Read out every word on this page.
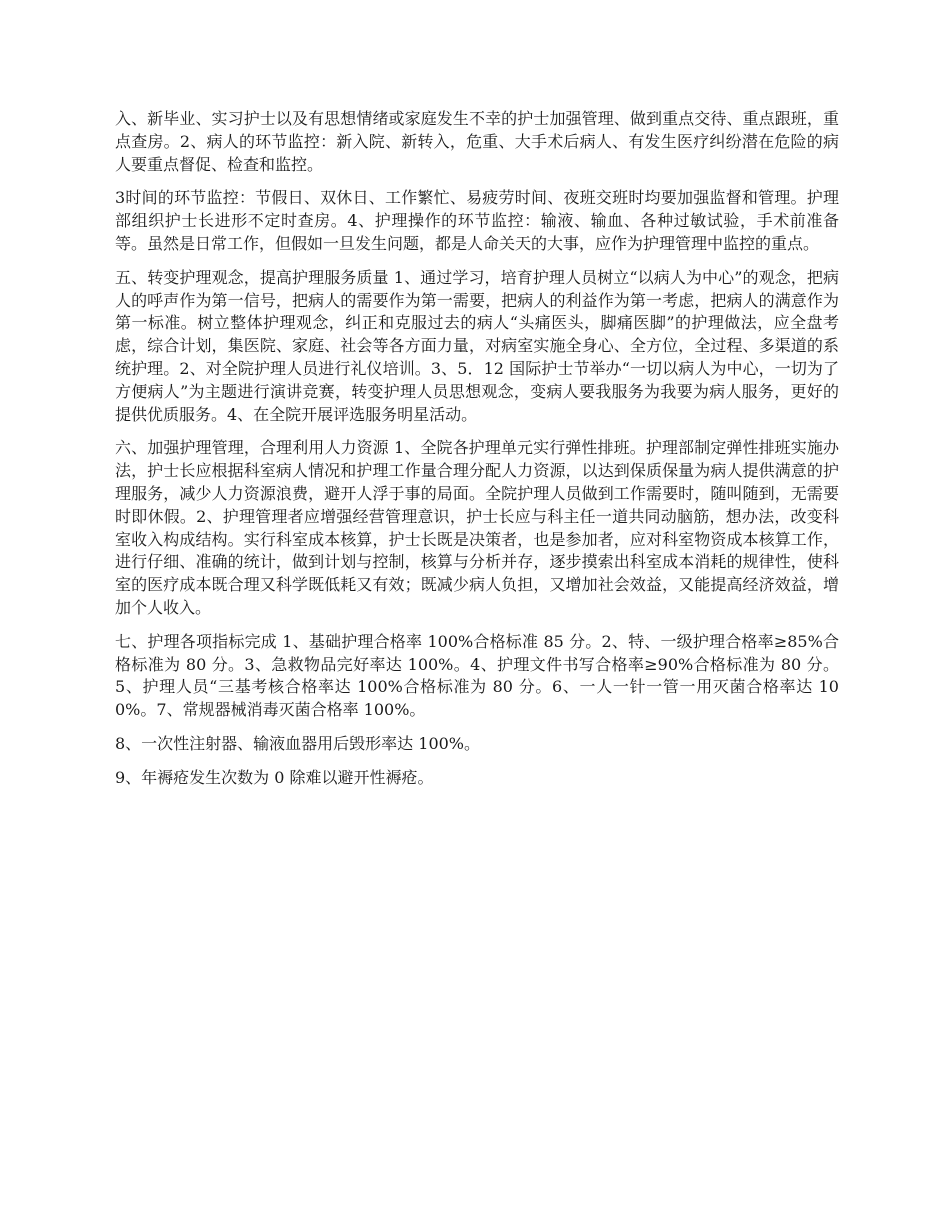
入、新毕业、实习护士以及有思想情绪或家庭发生不幸的护士加强管理、做到重点交待、重点跟班，重点查房。2、病人的环节监控：新入院、新转入，危重、大手术后病人、有发生医疗纠纷潜在危险的病人要重点督促、检查和监控。

3时间的环节监控：节假日、双休日、工作繁忙、易疲劳时间、夜班交班时均要加强监督和管理。护理部组织护士长进形不定时查房。4、护理操作的环节监控：输液、输血、各种过敏试验，手术前准备等。虽然是日常工作，但假如一旦发生问题，都是人命关天的大事，应作为护理管理中监控的重点。

五、转变护理观念，提高护理服务质量 1、通过学习，培育护理人员树立“以病人为中心”的观念，把病人的呼声作为第一信号，把病人的需要作为第一需要，把病人的利益作为第一考虑，把病人的满意作为第一标准。树立整体护理观念，纠正和克服过去的病人“头痛医头，脚痛医脚”的护理做法，应全盘考虑，综合计划，集医院、家庭、社会等各方面力量，对病室实施全身心、全方位，全过程、多渠道的系统护理。2、对全院护理人员进行礼仪培训。3、5．12 国际护士节举办“一切以病人为中心，一切为了方便病人”为主题进行演讲竞赛，转变护理人员思想观念，变病人要我服务为我要为病人服务，更好的提供优质服务。4、在全院开展评选服务明星活动。

六、加强护理管理，合理利用人力资源 1、全院各护理单元实行弹性排班。护理部制定弹性排班实施办法，护士长应根据科室病人情况和护理工作量合理分配人力资源，以达到保质保量为病人提供满意的护理服务，减少人力资源浪费，避开人浮于事的局面。全院护理人员做到工作需要时，随叫随到，无需要时即休假。2、护理管理者应增强经营管理意识，护士长应与科主任一道共同动脑筋，想办法，改变科室收入构成结构。实行科室成本核算，护士长既是决策者，也是参加者，应对科室物资成本核算工作，进行仔细、准确的统计，做到计划与控制，核算与分析并存，逐步摸索出科室成本消耗的规律性，使科室的医疗成本既合理又科学既低耗又有效；既减少病人负担，又增加社会效益，又能提高经济效益，增加个人收入。

七、护理各项指标完成 1、基础护理合格率 100%合格标准 85 分。2、特、一级护理合格率≥85%合格标准为 80 分。3、急救物品完好率达 100%。4、护理文件书写合格率≥90%合格标准为 80 分。5、护理人员“三基考核合格率达 100%合格标准为 80 分。6、一人一针一管一用灭菌合格率达 100%。7、常规器械消毒灭菌合格率 100%。

8、一次性注射器、输液血器用后毁形率达 100%。

9、年褥疮发生次数为 0 除难以避开性褥疮。
